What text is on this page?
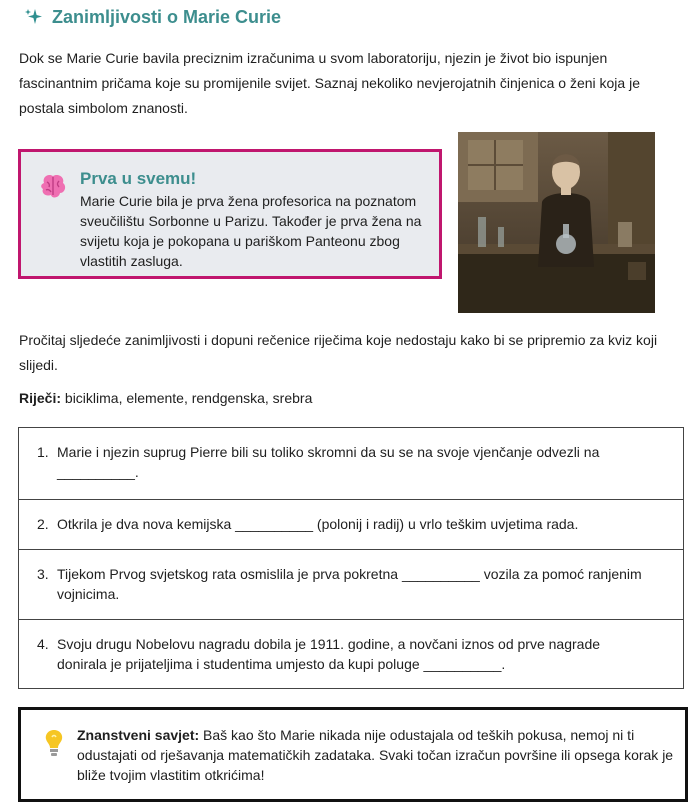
Zanimljivosti o Marie Curie

Dok se Marie Curie bavila preciznim izračunima u svom laboratoriju, njezin je život bio ispunjen fascinantnim pričama koje su promijenile svijet. Saznaj nekoliko nevjerojatnih činjenica o ženi koja je postala simbolom znanosti.

Prva u svemu!
Marie Curie bila je prva žena profesorica na poznatom sveučilištu Sorbonne u Parizu. Također je prva žena na svijetu koja je pokopana u pariškom Panteonu zbog vlastitih zasluga.

Pročitaj sljedeće zanimljivosti i dopuni rečenice riječima koje nedostaju kako bi se pripremio za kviz koji slijedi.

Riječi: biciklima, elemente, rendgenska, srebra
1. Marie i njezin suprug Pierre bili su toliko skromni da su se na svoje vjenčanje odvezli na __________.
2. Otkrila je dva nova kemijska __________ (polonij i radij) u vrlo teškim uvjetima rada.
3. Tijekom Prvog svjetskog rata osmislila je prva pokretna __________ vozila za pomoć ranjenim vojnicima.
4. Svoju drugu Nobelovu nagradu dobila je 1911. godine, a novčani iznos od prve nagrade donirala je prijateljima i studentima umjesto da kupi poluge __________.
Znanstveni savjet: Baš kao što Marie nikada nije odustajala od teških pokusa, nemoj ni ti odustajati od rješavanja matematičkih zadataka. Svaki točan izračun površine ili opsega korak je bliže tvojim vlastitim otkrićima!
